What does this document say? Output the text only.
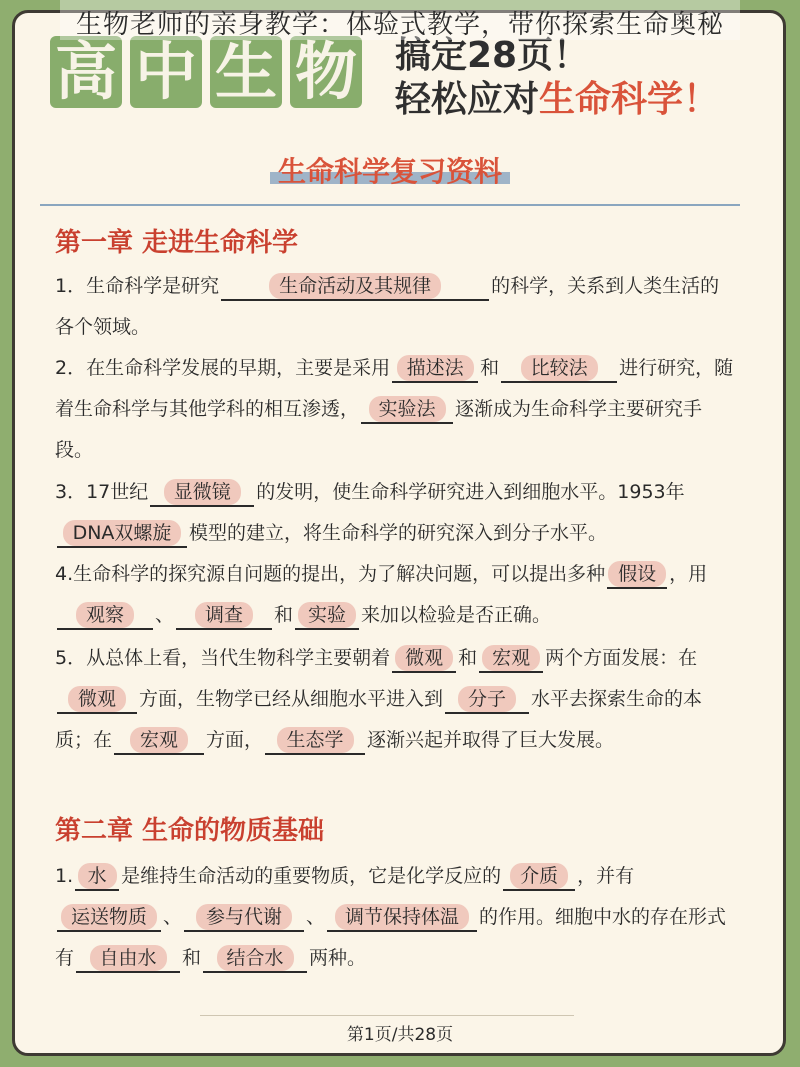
生物老师的亲身教学：体验式教学，带你探索生命奥秘
高 中 生 物 搞定28页！
轻松应对生命科学！
生命科学复习资料
第一章 走进生命科学
1．生命科学是研究	生命活动及其规律	的科学，关系到人类生活的各个领域。
2．在生命科学发展的早期，主要是采用 描述法 和 比较法 进行研究，随着生命科学与其他学科的相互渗透， 实验法 逐渐成为生命科学主要研究手段。
3．17世纪 显微镜 的发明，使生命科学研究进入到细胞水平。1953年DNA双螺旋 模型的建立，将生命科学的研究深入到分子水平。
4.生命科学的探究源自问题的提出，为了解决问题，可以提出多种 假设 ，用观察 、 调查 和 实验 来加以检验是否正确。
5．从总体上看，当代生物科学主要朝着 微观 和 宏观 两个方面发展：在微观 方面，生物学已经从细胞水平进入到 分子 水平去探索生命的本质；在 宏观 方面， 生态学 逐渐兴起并取得了巨大发展。
第二章 生命的物质基础
1. 水 是维持生命活动的重要物质，它是化学反应的 介质 ，并有运送物质 、 参与代谢 、 调节保持体温 的作用。细胞中水的存在形式有 自由水 和 结合水 两种。
第1页/共28页
